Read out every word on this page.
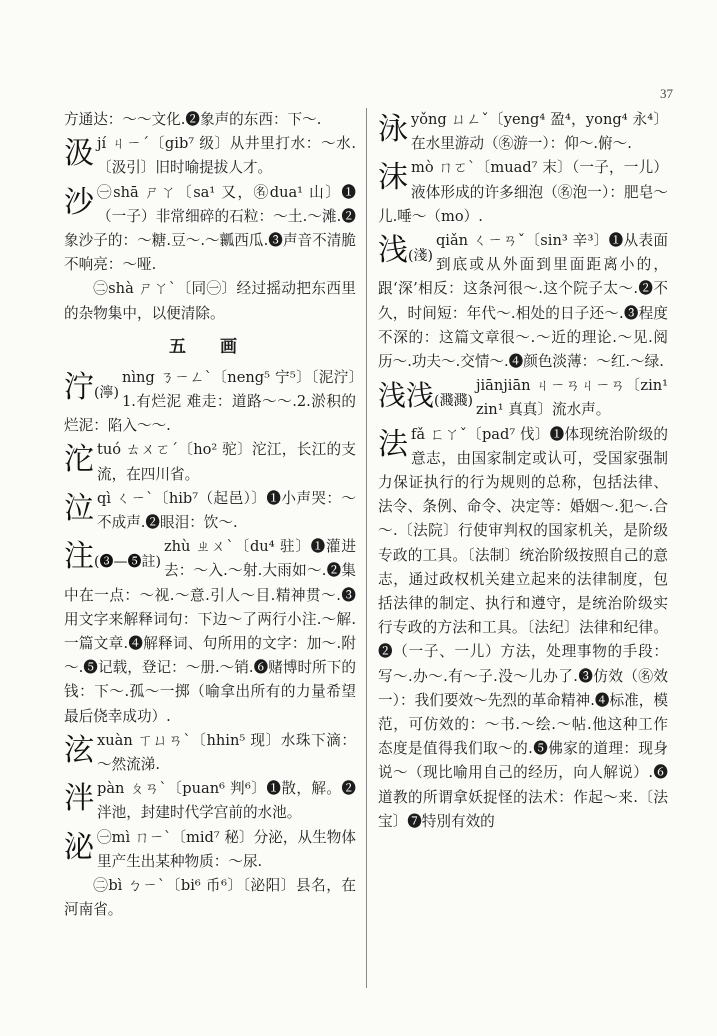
37
方通达：～～文化.❷象声的东西：下～.
汲 jí ㄐㄧˊ〔gib⁷ 级〕从井里打水：～水.〔汲引〕旧时喻提拔人才。
沙 ㊀shā ㄕㄚ〔sa¹ 又，㊔dua¹ 山〕❶（一子）非常细碎的石粒：～土.～滩.❷象沙子的：～糖.豆～.～瓤西瓜.❸声音不清脆不响亮：～哑.
㊁shà ㄕㄚˋ〔同㊀〕经过摇动把东西里的杂物集中，以便清除。
五 画
泞(濘)
nìng ㄋㄧㄥˋ〔neng⁵ 宁⁵〕〔泥泞〕1.有烂泥 难走：道路～～.2.淤积的烂泥：陷入～～.
沱 tuó ㄊㄨㄛˊ〔ho² 驼〕沱江，长江的支流，在四川省。
泣 qì ㄑㄧˋ〔hib⁷（起邑）〕❶小声哭：～不成声.❷眼泪：饮～.
注(❸—❺註)
zhù ㄓㄨˋ〔du⁴ 驻〕❶灌进去：～入.～射.大雨如～.❷集中在一点：～视.～意.引人～目.精神贯～.❸用文字来解释词句：下边～了两行小注.～解.一篇文章.❹解释词、句所用的文字：加～.附～.❺记载，登记：～册.～销.❻赌博时所下的钱：下～.孤～一掷（喻拿出所有的力量希望最后侥幸成功）.
泫 xuàn ㄒㄩㄢˋ〔hhin⁵ 现〕水珠下滴：～然流涕.
泮 pàn ㄆㄢˋ〔puan⁶ 判⁶〕❶散，解。❷泮池，封建时代学宫前的水池。
泌 ㊀mì ㄇㄧˋ〔mid⁷ 秘〕分泌，从生物体里产生出某种物质：～尿.
㊁bì ㄅㄧˋ〔bi⁶ 币⁶〕〔泌阳〕县名，在河南省。
泳 yǒng ㄩㄥˇ〔yeng⁴ 盈⁴，yong⁴ 永⁴〕在水里游动（㊔游一）：仰～.俯～.
沫 mò ㄇㄛˋ〔muad⁷ 末〕（一子，一儿）液体形成的许多细泡（㊔泡一）：肥皂～儿.唾～（mo）.
浅(淺)
qiǎn ㄑㄧㄢˇ〔sin³ 辛³〕❶从表面到底或从外面到里面距离小的，跟‘深’相反：这条河很～.这个院子太～.❷不久，时间短：年代～.相处的日子还～.❸程度不深的：这篇文章很～.～近的理论.～见.阅历～.功夫～.交情～.❹颜色淡薄：～红.～绿.
浅浅(濺濺)
jiānjiān ㄐㄧㄢㄐㄧㄢ〔zin¹ zin¹ 真真〕流水声。
法 fǎ ㄈㄚˇ〔pad⁷ 伐〕❶体现统治阶级的意志，由国家制定或认可，受国家强制力保证执行的行为规则的总称，包括法律、法令、条例、命令、决定等：婚姻～.犯～.合～.〔法院〕行使审判权的国家机关，是阶级专政的工具。〔法制〕统治阶级按照自己的意志，通过政权机关建立起来的法律制度，包括法律的制定、执行和遵守，是统治阶级实行专政的方法和工具。〔法纪〕法律和纪律。❷（一子、一儿）方法，处理事物的手段：写～.办～.有～子.没～儿办了.❸仿效（㊔效一）：我们要效～先烈的革命精神.❹标准，模范，可仿效的：～书.～绘.～帖.他这种工作态度是值得我们取～的.❺佛家的道理：现身说～（现比喻用自己的经历，向人解说）.❻道教的所谓拿妖捉怪的法术：作起～来.〔法宝〕❼特別有效的
